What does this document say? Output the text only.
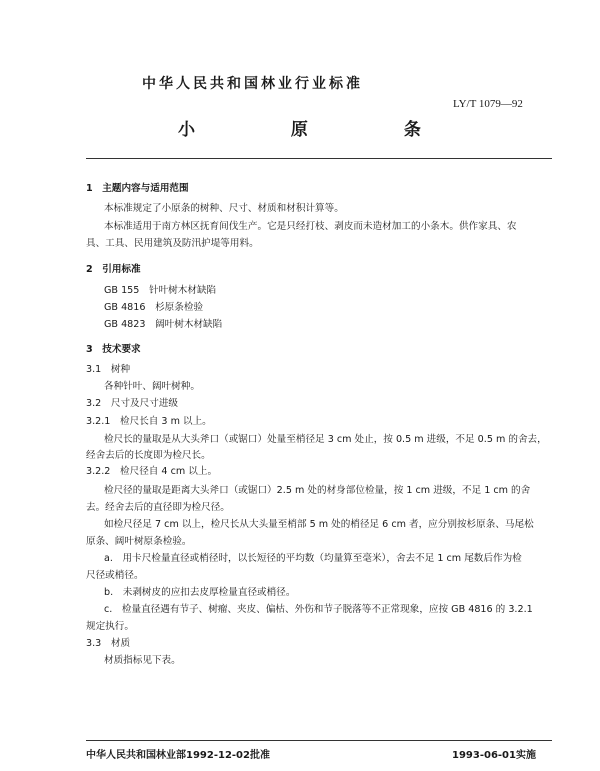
中华人民共和国林业行业标准
LY/T 1079—92
小 原 条
1　主题内容与适用范围
本标准规定了小原条的树种、尺寸、材质和材积计算等。
本标准适用于南方林区抚育间伐生产。它是只经打枝、剥皮而未造材加工的小条木。供作家具、农
具、工具、民用建筑及防汛护堤等用料。
2　引用标准
GB 155　针叶树木材缺陷
GB 4816　杉原条检验
GB 4823　阔叶树木材缺陷
3　技术要求
3.1　树种
各种针叶、阔叶树种。
3.2　尺寸及尺寸进级
3.2.1　检尺长自 3 m 以上。
检尺长的量取是从大头斧口（或锯口）处量至梢径足 3 cm 处止，按 0.5 m 进级，不足 0.5 m 的舍去，
经舍去后的长度即为检尺长。
3.2.2　检尺径自 4 cm 以上。
检尺径的量取是距离大头斧口（或锯口）2.5 m 处的材身部位检量，按 1 cm 进级，不足 1 cm 的舍
去。经舍去后的直径即为检尺径。
如检尺径足 7 cm 以上，检尺长从大头量至梢部 5 m 处的梢径足 6 cm 者，应分别按杉原条、马尾松
原条、阔叶树原条检验。
a.　用卡尺检量直径或梢径时，以长短径的平均数（均量算至毫米），舍去不足 1 cm 尾数后作为检
尺径或梢径。
b.　未剥树皮的应扣去皮厚检量直径或梢径。
c.　检量直径遇有节子、树瘤、夹皮、偏枯、外伤和节子脱落等不正常现象，应按 GB 4816 的 3.2.1
规定执行。
3.3　材质
材质指标见下表。
中华人民共和国林业部1992-12-02批准	1993-06-01实施
